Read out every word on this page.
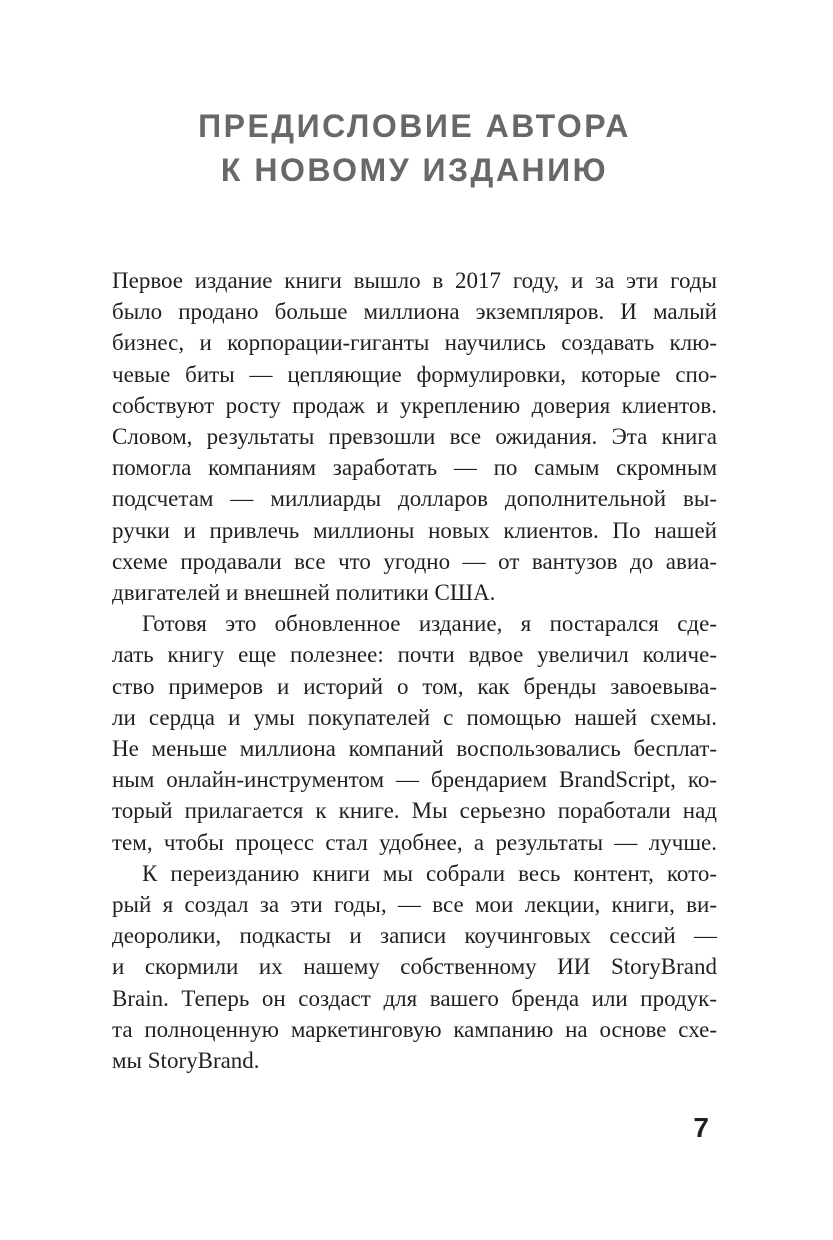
ПРЕДИСЛОВИЕ АВТОРА
К НОВОМУ ИЗДАНИЮ
Первое издание книги вышло в 2017 году, и за эти годы
было продано больше миллиона экземпляров. И малый
бизнес, и корпорации-гиганты научились создавать клю-
чевые биты — цепляющие формулировки, которые спо-
собствуют росту продаж и укреплению доверия клиентов.
Словом, результаты превзошли все ожидания. Эта книга
помогла компаниям заработать — по самым скромным
подсчетам — миллиарды долларов дополнительной вы-
ручки и привлечь миллионы новых клиентов. По нашей
схеме продавали все что угодно — от вантузов до авиа-
двигателей и внешней политики США.
Готовя это обновленное издание, я постарался сде-
лать книгу еще полезнее: почти вдвое увеличил количе-
ство примеров и историй о том, как бренды завоевыва-
ли сердца и умы покупателей с помощью нашей схемы.
Не меньше миллиона компаний воспользовались бесплат-
ным онлайн-инструментом — брендарием BrandScript, ко-
торый прилагается к книге. Мы серьезно поработали над
тем, чтобы процесс стал удобнее, а результаты — лучше.
К переизданию книги мы собрали весь контент, кото-
рый я создал за эти годы, — все мои лекции, книги, ви-
деоролики, подкасты и записи коучинговых сессий —
и скормили их нашему собственному ИИ StoryBrand
Brain. Теперь он создаст для вашего бренда или продук-
та полноценную маркетинговую кампанию на основе схе-
мы StoryBrand.
7
